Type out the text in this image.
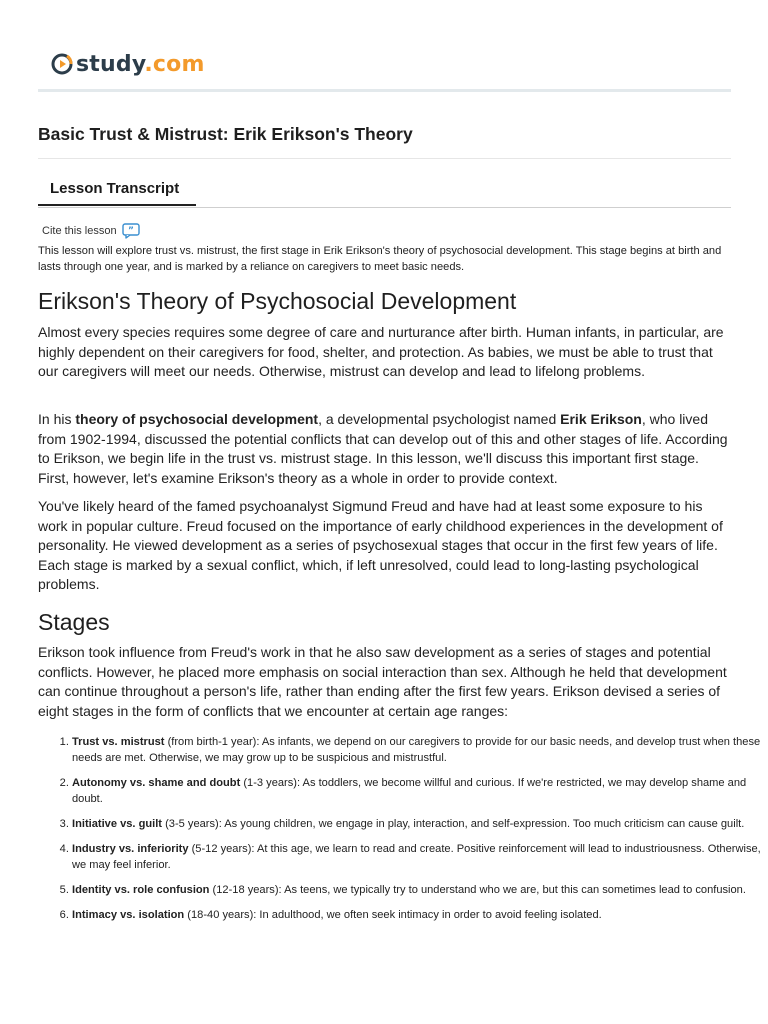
study.com
Basic Trust & Mistrust: Erik Erikson's Theory
Lesson Transcript
Cite this lesson ”

This lesson will explore trust vs. mistrust, the first stage in Erik Erikson's theory of psychosocial development. This stage begins at birth and lasts through one year, and is marked by a reliance on caregivers to meet basic needs.

Erikson's Theory of Psychosocial Development

Almost every species requires some degree of care and nurturance after birth. Human infants, in particular, are highly dependent on their caregivers for food, shelter, and protection. As babies, we must be able to trust that our caregivers will meet our needs. Otherwise, mistrust can develop and lead to lifelong problems.

In his theory of psychosocial development, a developmental psychologist named Erik Erikson, who lived from 1902-1994, discussed the potential conflicts that can develop out of this and other stages of life. According to Erikson, we begin life in the trust vs. mistrust stage. In this lesson, we'll discuss this important first stage. First, however, let's examine Erikson's theory as a whole in order to provide context.

You've likely heard of the famed psychoanalyst Sigmund Freud and have had at least some exposure to his work in popular culture. Freud focused on the importance of early childhood experiences in the development of personality. He viewed development as a series of psychosexual stages that occur in the first few years of life. Each stage is marked by a sexual conflict, which, if left unresolved, could lead to long-lasting psychological problems.

Stages

Erikson took influence from Freud's work in that he also saw development as a series of stages and potential conflicts. However, he placed more emphasis on social interaction than sex. Although he held that development can continue throughout a person's life, rather than ending after the first few years. Erikson devised a series of eight stages in the form of conflicts that we encounter at certain age ranges:

1. Trust vs. mistrust (from birth-1 year): As infants, we depend on our caregivers to provide for our basic needs, and develop trust when these needs are met. Otherwise, we may grow up to be suspicious and mistrustful.
2. Autonomy vs. shame and doubt (1-3 years): As toddlers, we become willful and curious. If we're restricted, we may develop shame and doubt.
3. Initiative vs. guilt (3-5 years): As young children, we engage in play, interaction, and self-expression. Too much criticism can cause guilt.
4. Industry vs. inferiority (5-12 years): At this age, we learn to read and create. Positive reinforcement will lead to industriousness. Otherwise, we may feel inferior.
5. Identity vs. role confusion (12-18 years): As teens, we typically try to understand who we are, but this can sometimes lead to confusion.
6. Intimacy vs. isolation (18-40 years): In adulthood, we often seek intimacy in order to avoid feeling isolated.
